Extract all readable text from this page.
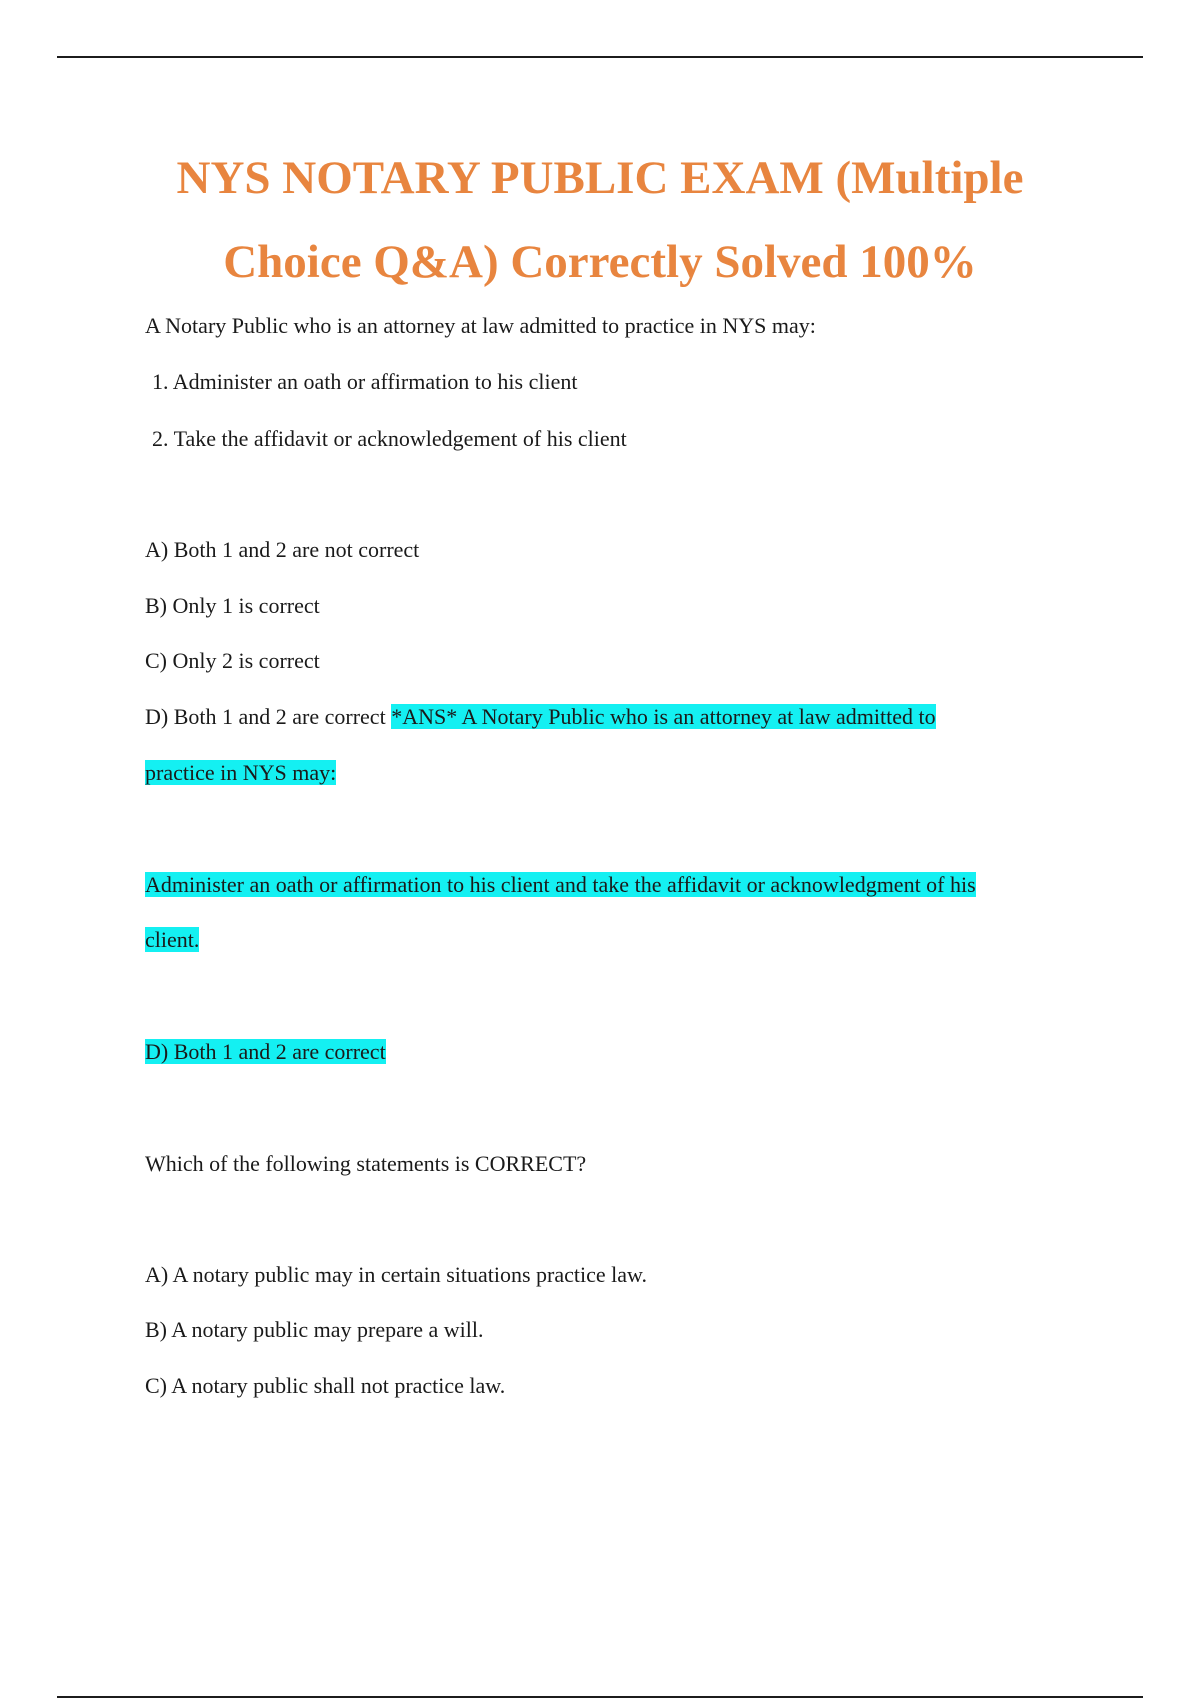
NYS NOTARY PUBLIC EXAM (Multiple
Choice Q&A) Correctly Solved 100%

A Notary Public who is an attorney at law admitted to practice in NYS may:

1. Administer an oath or affirmation to his client

2. Take the affidavit or acknowledgement of his client

A) Both 1 and 2 are not correct

B) Only 1 is correct

C) Only 2 is correct

D) Both 1 and 2 are correct *ANS* A Notary Public who is an attorney at law admitted to

practice in NYS may:

Administer an oath or affirmation to his client and take the affidavit or acknowledgment of his

client.

D) Both 1 and 2 are correct

Which of the following statements is CORRECT?

A) A notary public may in certain situations practice law.

B) A notary public may prepare a will.

C) A notary public shall not practice law.
